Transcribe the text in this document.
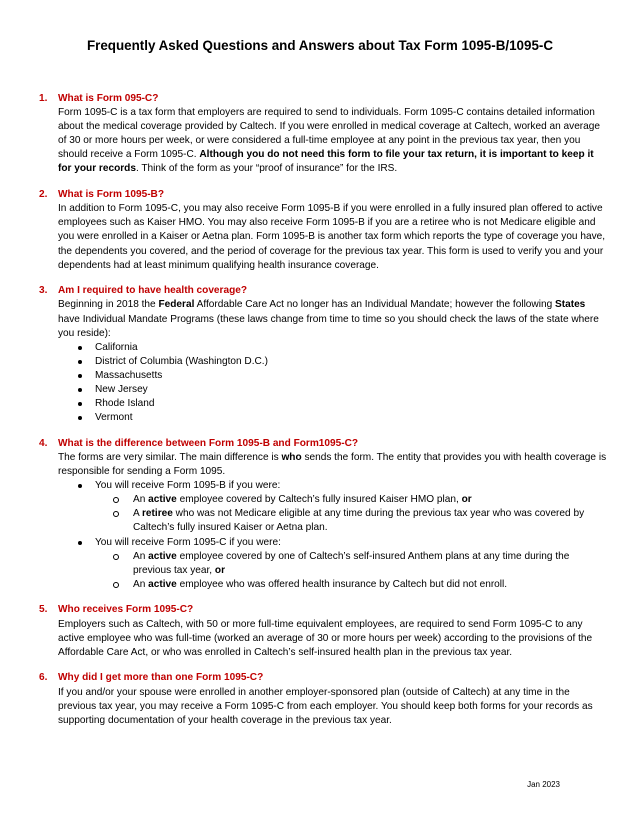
Frequently Asked Questions and Answers about Tax Form 1095-B/1095-C
1.	What is Form 095-C?

Form 1095-C is a tax form that employers are required to send to individuals. Form 1095-C contains detailed information about the medical coverage provided by Caltech. If you were enrolled in medical coverage at Caltech, worked an average of 30 or more hours per week, or were considered a full-time employee at any point in the previous tax year, then you should receive a Form 1095-C. Although you do not need this form to file your tax return, it is important to keep it for your records. Think of the form as your “proof of insurance” for the IRS.

2.	What is Form 1095-B?

In addition to Form 1095-C, you may also receive Form 1095-B if you were enrolled in a fully insured plan offered to active employees such as Kaiser HMO. You may also receive Form 1095-B if you are a retiree who is not Medicare eligible and you were enrolled in a Kaiser or Aetna plan. Form 1095-B is another tax form which reports the type of coverage you have, the dependents you covered, and the period of coverage for the previous tax year. This form is used to verify you and your dependents had at least minimum qualifying health insurance coverage.

3.	Am I required to have health coverage?

Beginning in 2018 the Federal Affordable Care Act no longer has an Individual Mandate; however the following States have Individual Mandate Programs (these laws change from time to time so you should check the laws of the state where you reside):

California
District of Columbia (Washington D.C.)
Massachusetts
New Jersey
Rhode Island
Vermont
4.	What is the difference between Form 1095-B and Form1095-C?

The forms are very similar. The main difference is who sends the form. The entity that provides you with health coverage is responsible for sending a Form 1095.

You will receive Form 1095-B if you were:
An active employee covered by Caltech’s fully insured Kaiser HMO plan, or
A retiree who was not Medicare eligible at any time during the previous tax year who was covered by Caltech’s fully insured Kaiser or Aetna plan.
You will receive Form 1095-C if you were:
An active employee covered by one of Caltech’s self-insured Anthem plans at any time during the previous tax year, or
An active employee who was offered health insurance by Caltech but did not enroll.
5.	Who receives Form 1095-C?

Employers such as Caltech, with 50 or more full-time equivalent employees, are required to send Form 1095-C to any active employee who was full-time (worked an average of 30 or more hours per week) according to the provisions of the Affordable Care Act, or who was enrolled in Caltech’s self-insured health plan in the previous tax year.

6.	Why did I get more than one Form 1095-C?

If you and/or your spouse were enrolled in another employer-sponsored plan (outside of Caltech) at any time in the previous tax year, you may receive a Form 1095-C from each employer. You should keep both forms for your records as supporting documentation of your health coverage in the previous tax year.

Jan 2023
